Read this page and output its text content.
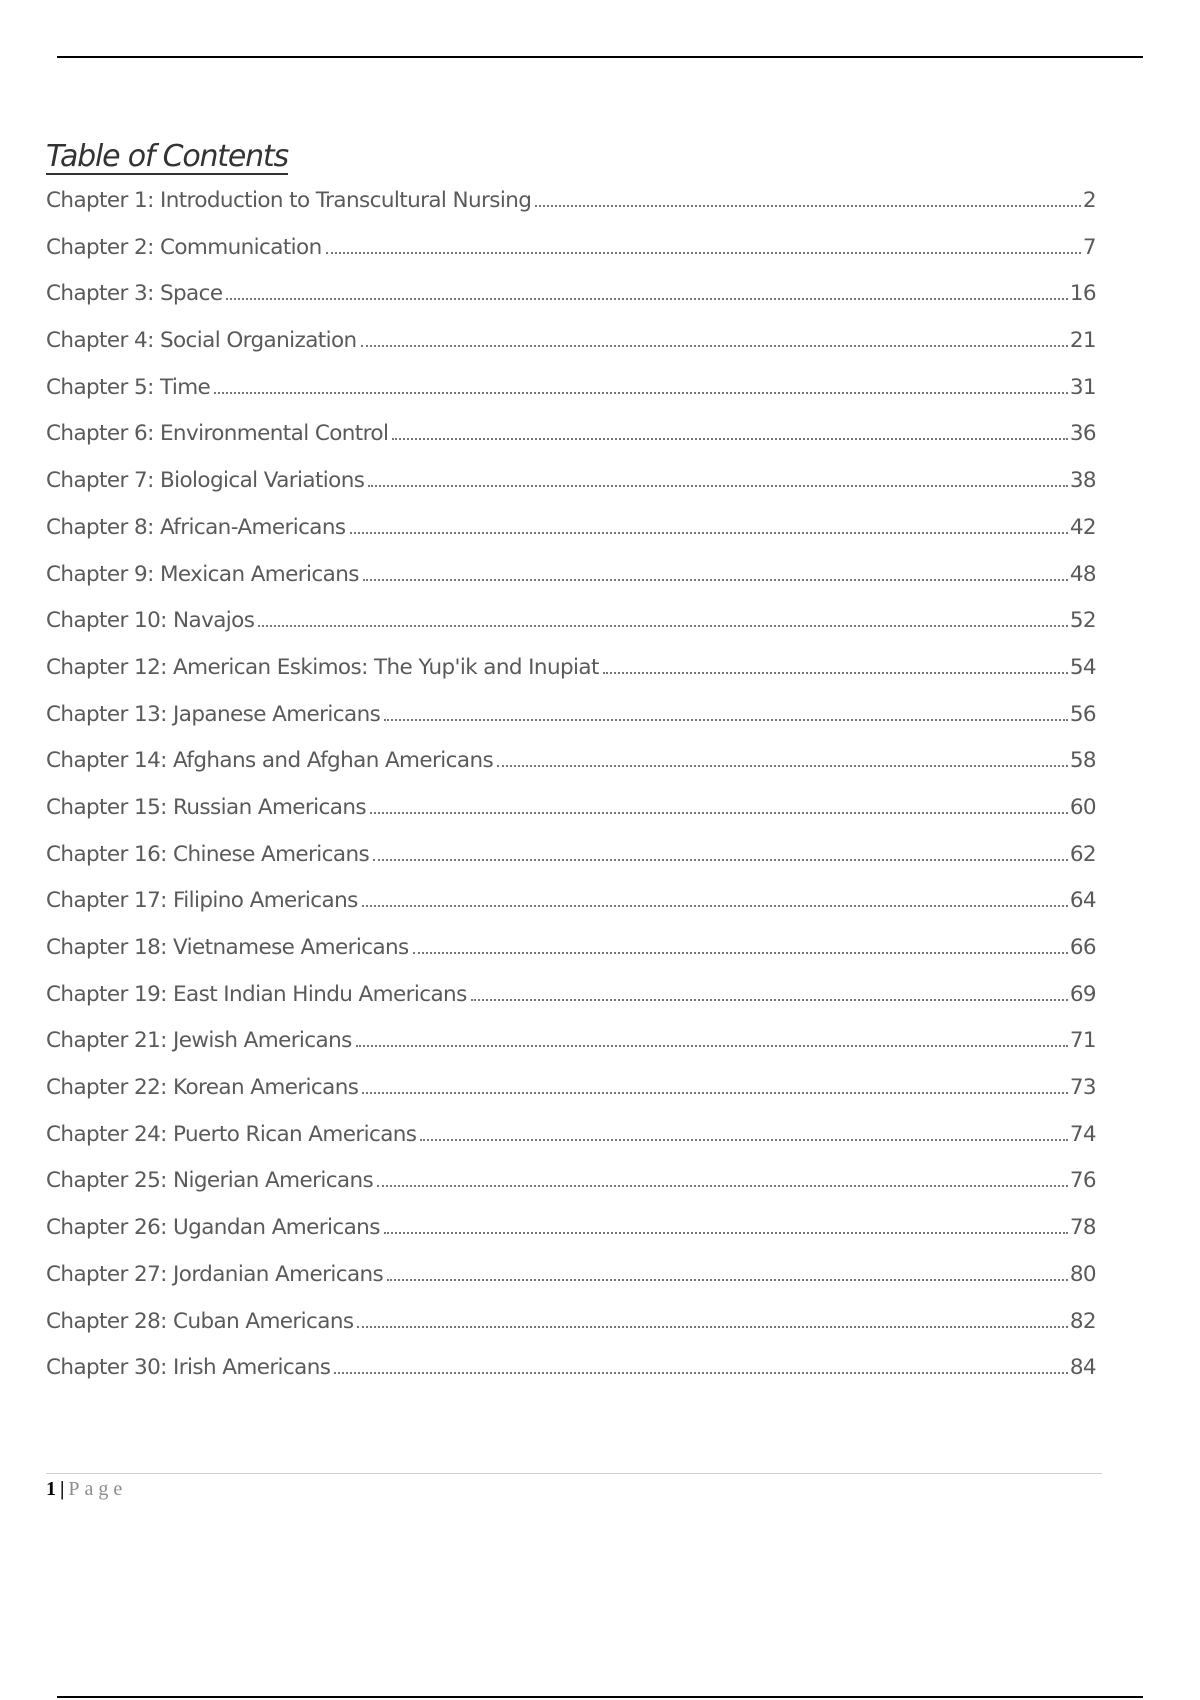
Table of Contents
Chapter 1: Introduction to Transcultural Nursing	2
Chapter 2: Communication	7
Chapter 3: Space	16
Chapter 4: Social Organization	21
Chapter 5: Time	31
Chapter 6: Environmental Control	36
Chapter 7: Biological Variations	38
Chapter 8: African-Americans	42
Chapter 9: Mexican Americans	48
Chapter 10: Navajos	52
Chapter 12: American Eskimos: The Yup'ik and Inupiat	54
Chapter 13: Japanese Americans	56
Chapter 14: Afghans and Afghan Americans	58
Chapter 15: Russian Americans	60
Chapter 16: Chinese Americans	62
Chapter 17: Filipino Americans	64
Chapter 18: Vietnamese Americans	66
Chapter 19: East Indian Hindu Americans	69
Chapter 21: Jewish Americans	71
Chapter 22: Korean Americans	73
Chapter 24: Puerto Rican Americans	74
Chapter 25: Nigerian Americans	76
Chapter 26: Ugandan Americans	78
Chapter 27: Jordanian Americans	80
Chapter 28: Cuban Americans	82
Chapter 30: Irish Americans	84
1 | Page
